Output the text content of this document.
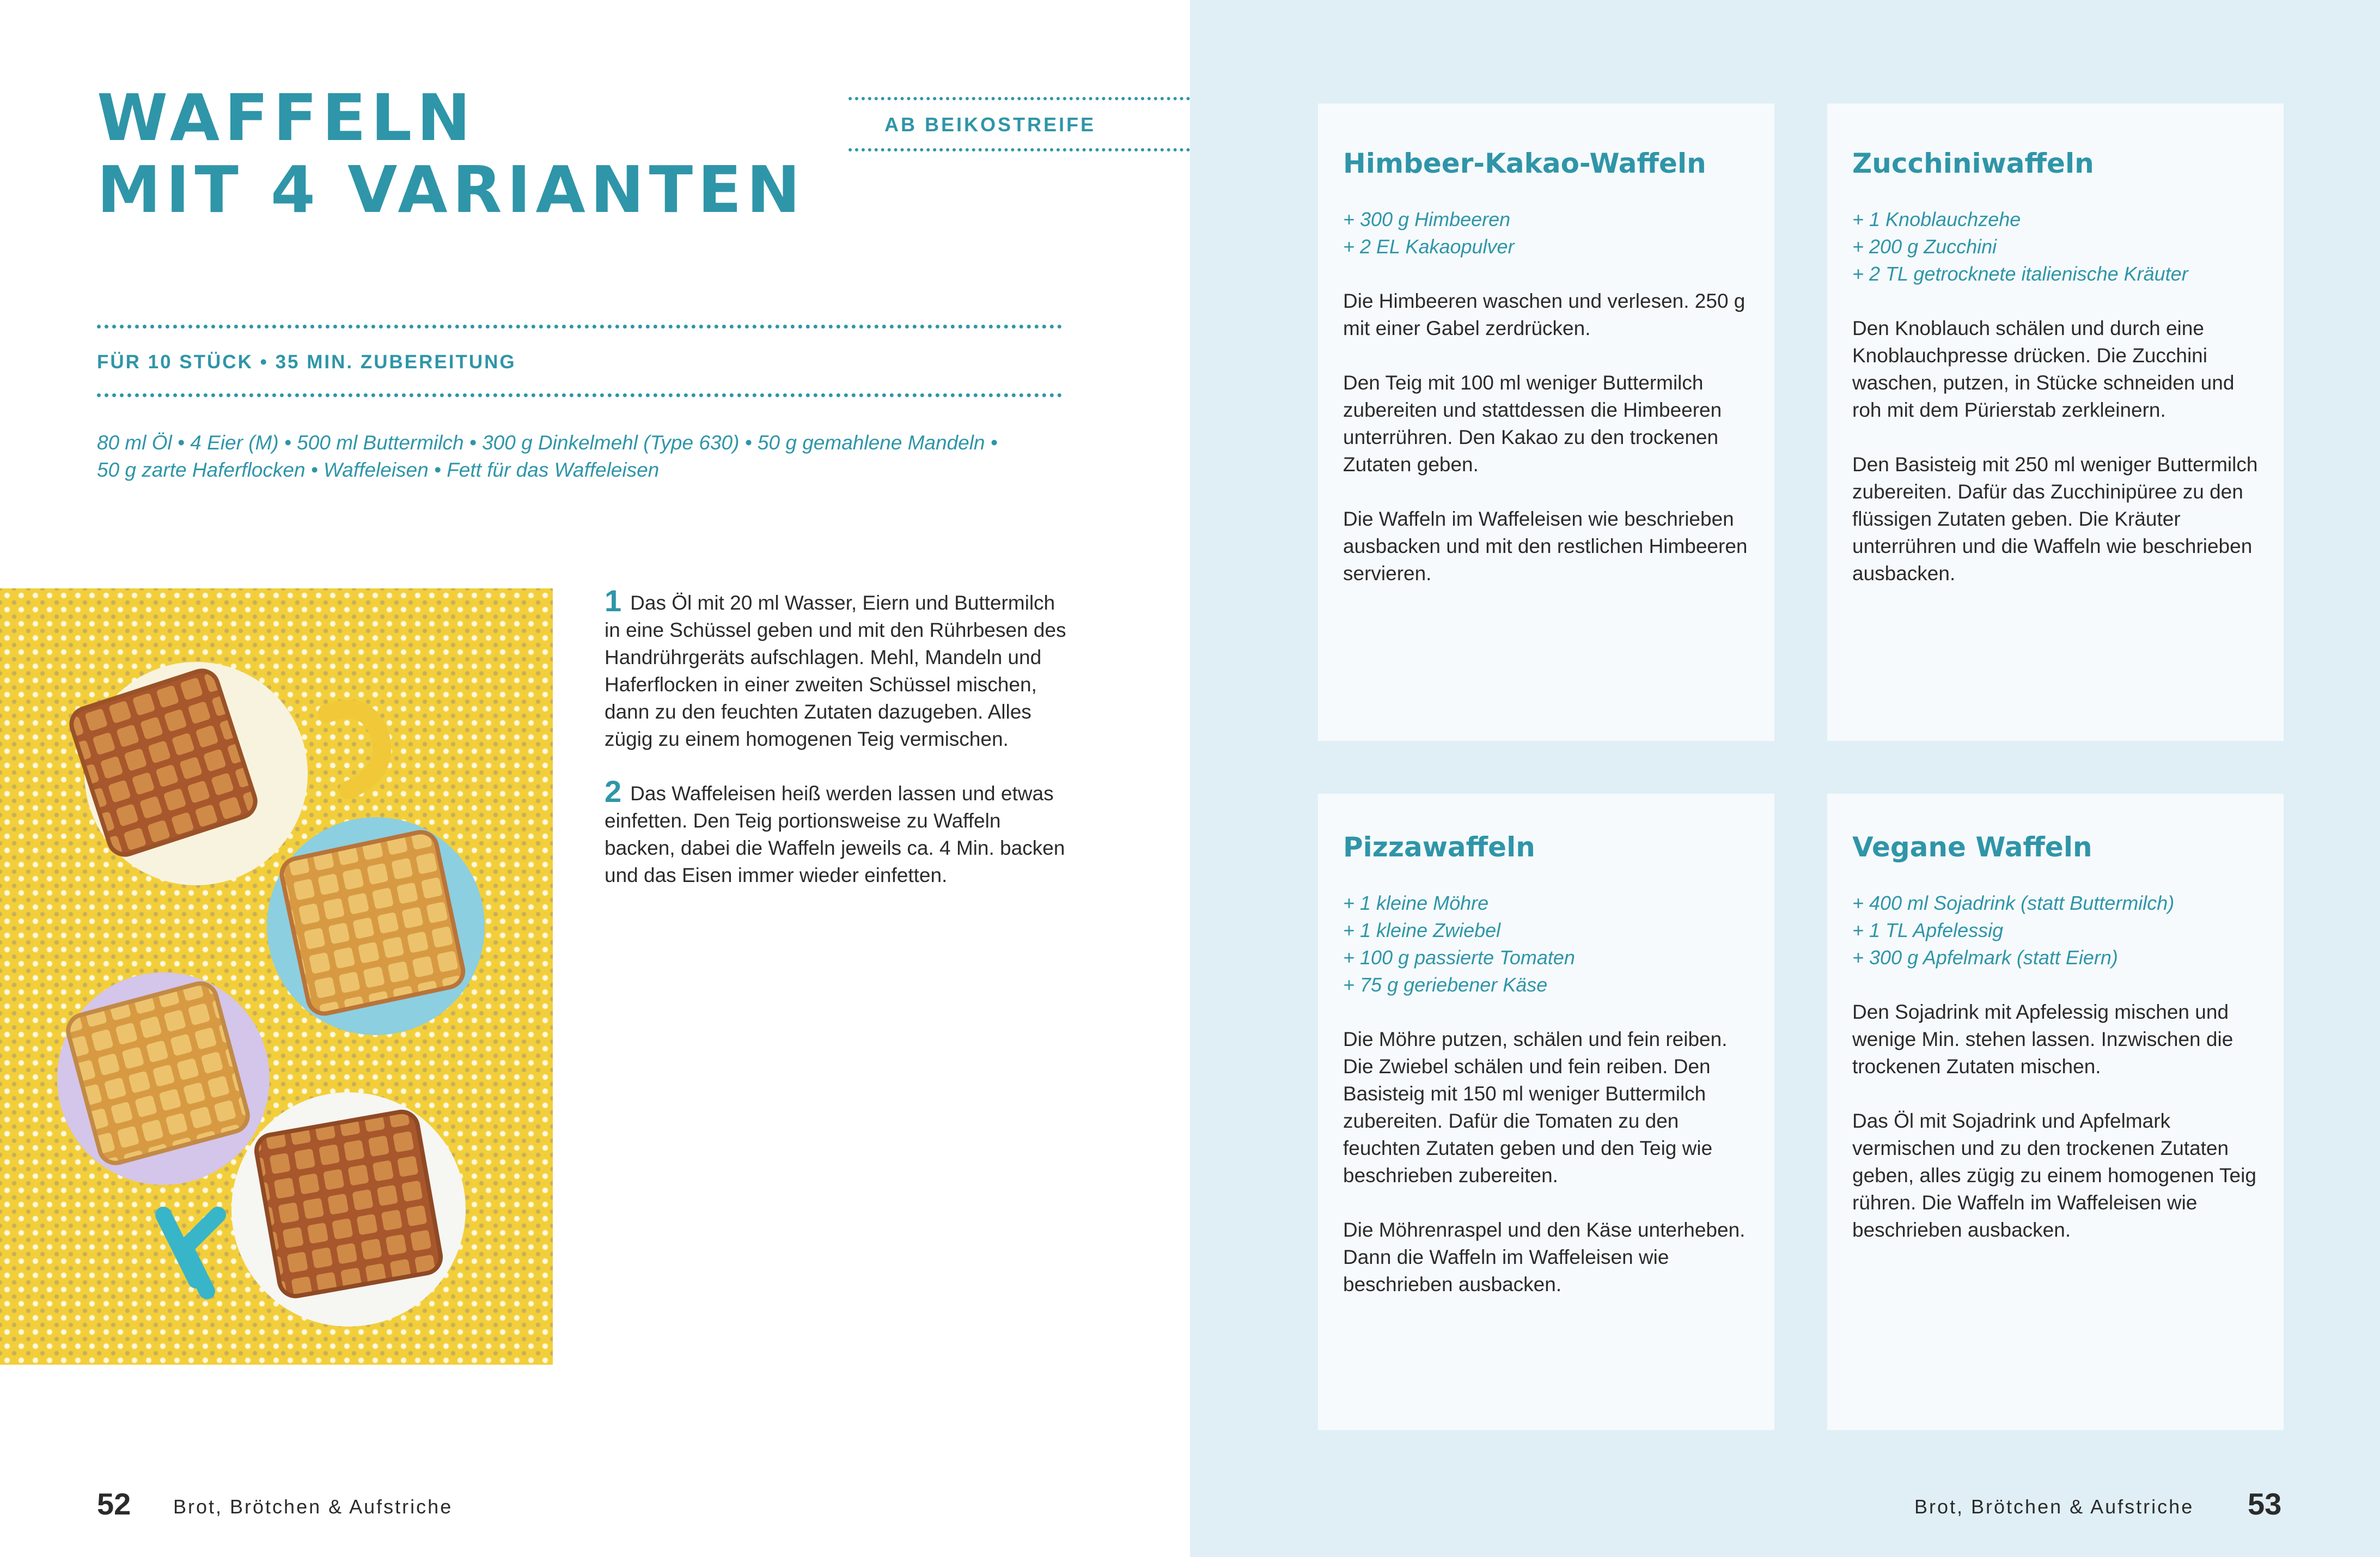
WAFFELN
MIT 4 VARIANTEN
AB BEIKOSTREIFE
FÜR 10 STÜCK • 35 MIN. ZUBEREITUNG
80 ml Öl • 4 Eier (M) • 500 ml Buttermilch • 300 g Dinkelmehl (Type 630) • 50 g gemahlene Mandeln •
50 g zarte Haferflocken • Waffeleisen • Fett für das Waffeleisen

1 Das Öl mit 20 ml Wasser, Eiern und Buttermilch in eine Schüssel geben und mit den Rührbesen des Handrührgeräts aufschlagen. Mehl, Mandeln und Haferflocken in einer zweiten Schüssel mischen, dann zu den feuchten Zutaten dazugeben. Alles zügig zu einem homogenen Teig vermischen.

2 Das Waffeleisen heiß werden lassen und etwas einfetten. Den Teig portionsweise zu Waffeln backen, dabei die Waffeln jeweils ca. 4 Min. backen und das Eisen immer wieder einfetten.

52 Brot, Brötchen & Aufstriche
Himbeer-Kakao-Waffeln
+ 300 g Himbeeren
+ 2 EL Kakaopulver

Die Himbeeren waschen und verlesen. 250 g mit einer Gabel zerdrücken.

Den Teig mit 100 ml weniger Buttermilch zubereiten und stattdessen die Himbeeren unterrühren. Den Kakao zu den trockenen Zutaten geben.

Die Waffeln im Waffeleisen wie beschrieben ausbacken und mit den restlichen Himbeeren servieren.

Zucchiniwaffeln
+ 1 Knoblauchzehe
+ 200 g Zucchini
+ 2 TL getrocknete italienische Kräuter

Den Knoblauch schälen und durch eine Knoblauchpresse drücken. Die Zucchini waschen, putzen, in Stücke schneiden und roh mit dem Pürierstab zerkleinern.

Den Basisteig mit 250 ml weniger Buttermilch zubereiten. Dafür das Zucchinipüree zu den flüssigen Zutaten geben. Die Kräuter unterrühren und die Waffeln wie beschrieben ausbacken.

Pizzawaffeln
+ 1 kleine Möhre
+ 1 kleine Zwiebel
+ 100 g passierte Tomaten
+ 75 g geriebener Käse

Die Möhre putzen, schälen und fein reiben. Die Zwiebel schälen und fein reiben. Den Basisteig mit 150 ml weniger Buttermilch zubereiten. Dafür die Tomaten zu den feuchten Zutaten geben und den Teig wie beschrieben zubereiten.

Die Möhrenraspel und den Käse unterheben. Dann die Waffeln im Waffeleisen wie beschrieben ausbacken.

Vegane Waffeln
+ 400 ml Sojadrink (statt Buttermilch)
+ 1 TL Apfelessig
+ 300 g Apfelmark (statt Eiern)

Den Sojadrink mit Apfelessig mischen und wenige Min. stehen lassen. Inzwischen die trockenen Zutaten mischen.

Das Öl mit Sojadrink und Apfelmark vermischen und zu den trockenen Zutaten geben, alles zügig zu einem homogenen Teig rühren. Die Waffeln im Waffeleisen wie beschrieben ausbacken.

Brot, Brötchen & Aufstriche 53
